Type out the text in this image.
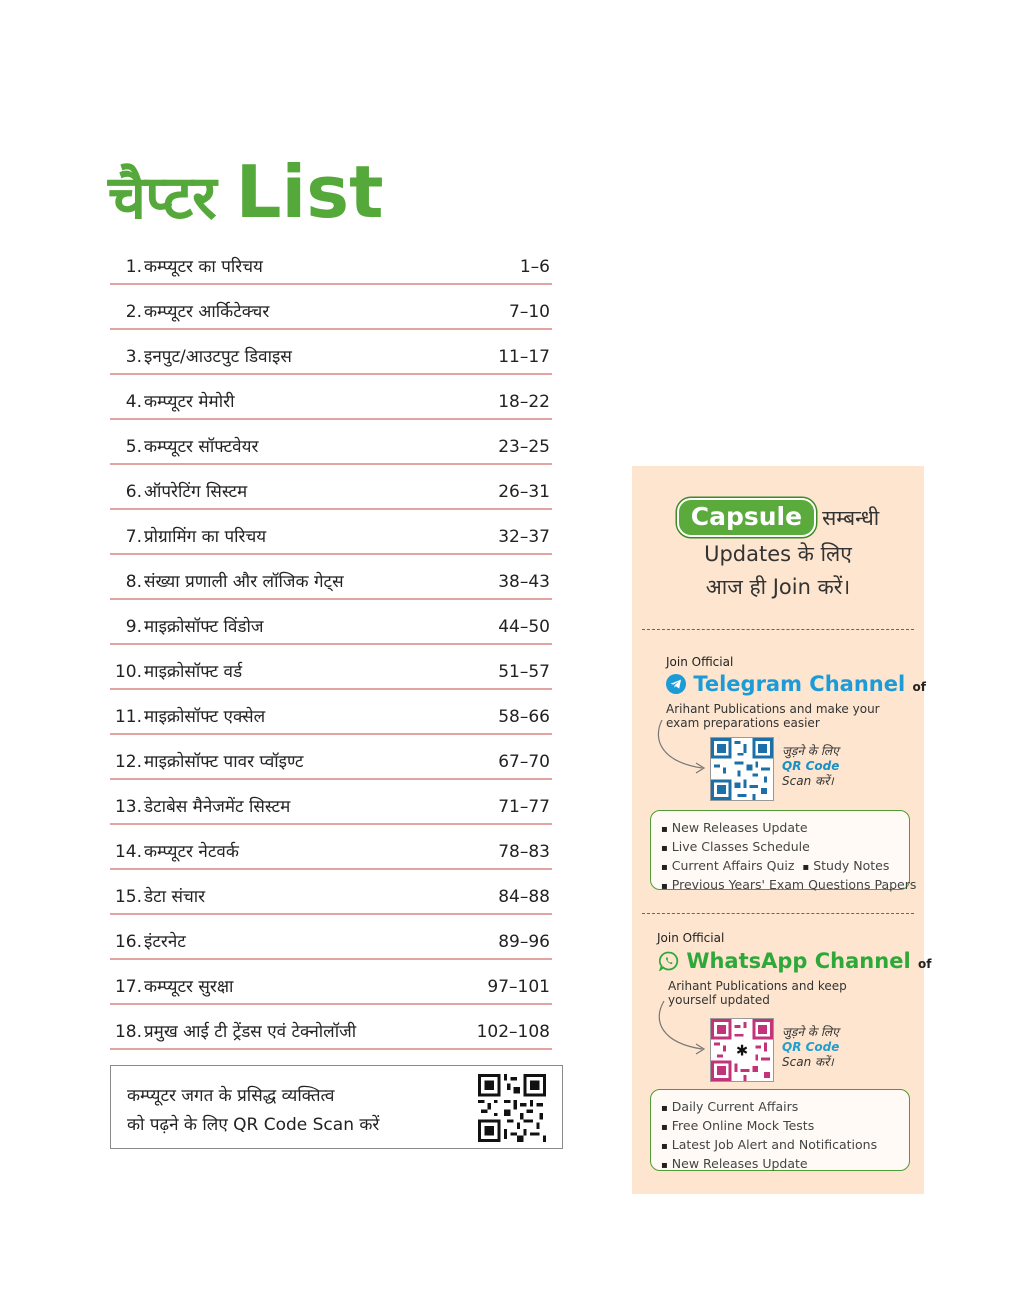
चैप्टर List
1. कम्प्यूटर का परिचय	1–6
2. कम्प्यूटर आर्किटेक्चर	7–10
3. इनपुट/आउटपुट डिवाइस	11–17
4. कम्प्यूटर मेमोरी	18–22
5. कम्प्यूटर सॉफ्टवेयर	23–25
6. ऑपरेटिंग सिस्टम	26–31
7. प्रोग्रामिंग का परिचय	32–37
8. संख्या प्रणाली और लॉजिक गेट्स	38–43
9. माइक्रोसॉफ्ट विंडोज	44–50
10. माइक्रोसॉफ्ट वर्ड	51–57
11. माइक्रोसॉफ्ट एक्सेल	58–66
12. माइक्रोसॉफ्ट पावर प्वॉइण्ट	67–70
13. डेटाबेस मैनेजमेंट सिस्टम	71–77
14. कम्प्यूटर नेटवर्क	78–83
15. डेटा संचार	84–88
16. इंटरनेट	89–96
17. कम्प्यूटर सुरक्षा	97–101
18. प्रमुख आई टी ट्रेंडस एवं टेक्नोलॉजी	102–108
कम्प्यूटर जगत के प्रसिद्ध व्यक्तित्व
को पढ़ने के लिए QR Code Scan करें
Capsule सम्बन्धी
Updates के लिए
आज ही Join करें।
Join Official
Telegram Channel of
Arihant Publications and make your exam preparations easier
जुड़ने के लिए
QR Code
Scan करें।
▪ New Releases Update
▪ Live Classes Schedule
▪ Current Affairs Quiz▪ Study Notes
▪ Previous Years' Exam Questions Papers
Join Official
WhatsApp Channel of
Arihant Publications and keep yourself updated
✱
जुड़ने के लिए
QR Code
Scan करें।
▪ Daily Current Affairs
▪ Free Online Mock Tests
▪ Latest Job Alert and Notifications
▪ New Releases Update
